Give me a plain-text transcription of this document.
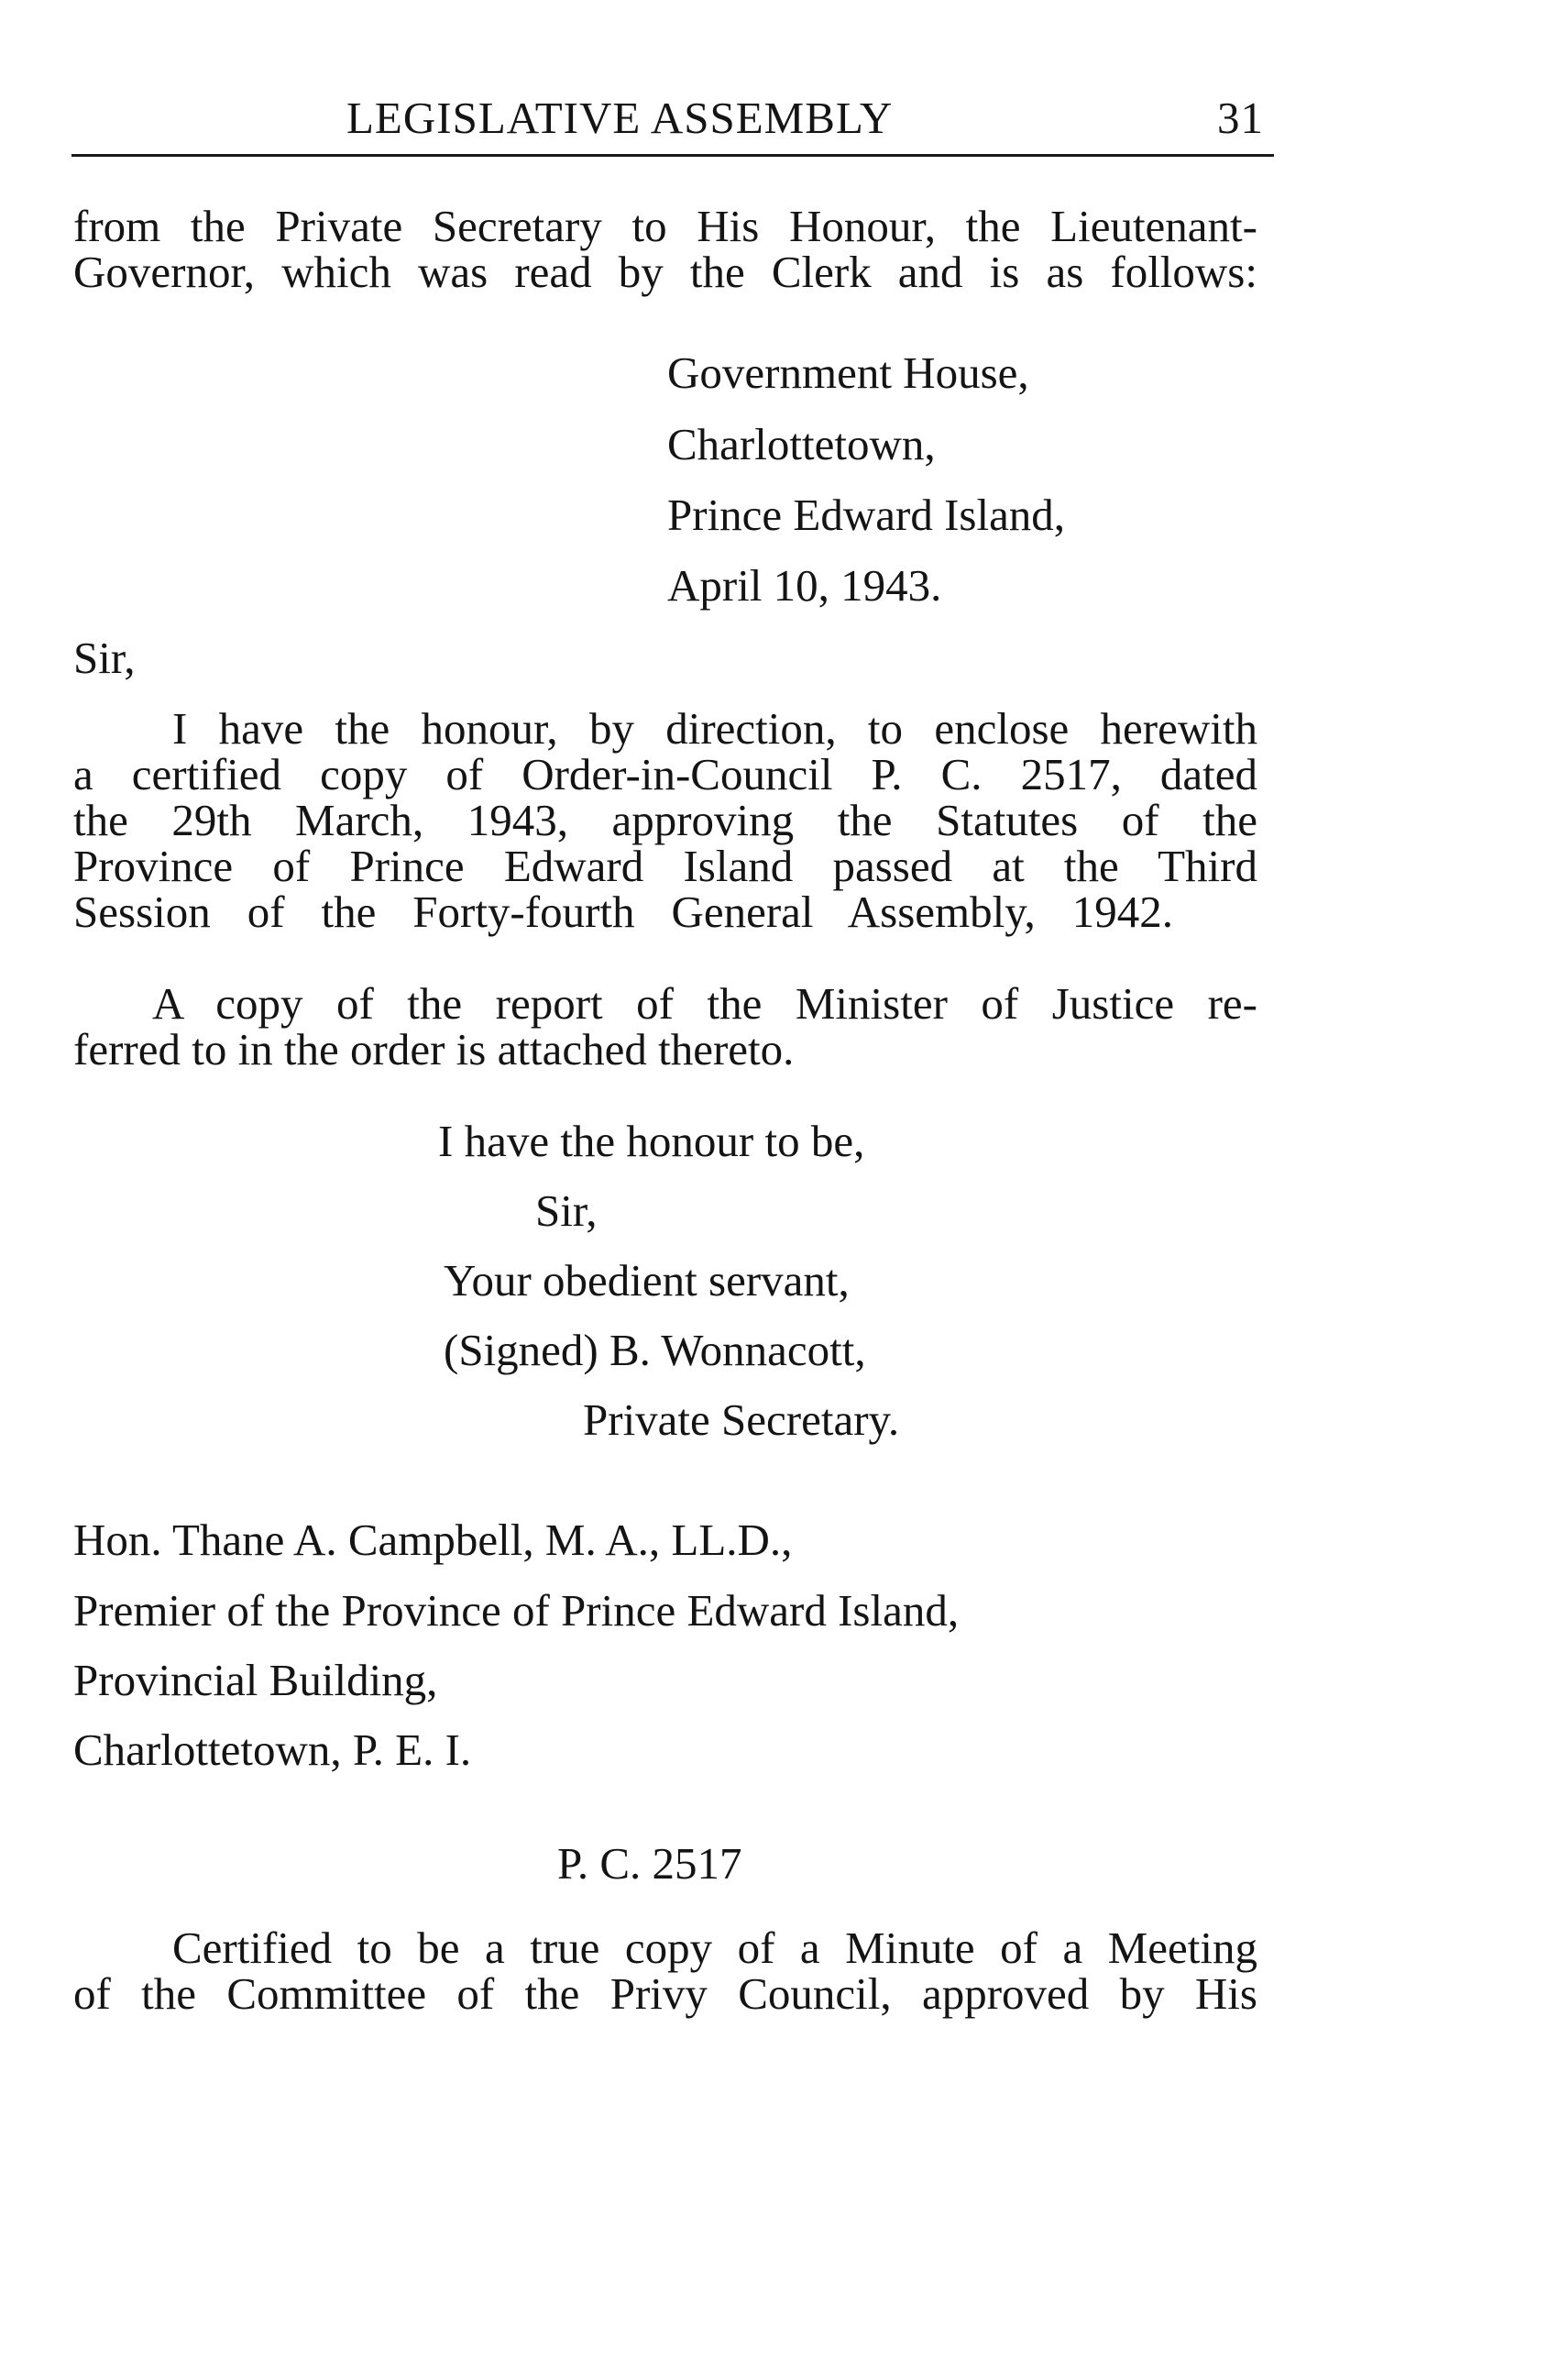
LEGISLATIVE ASSEMBLY	31
from the Private Secretary to His Honour, the Lieutenant-
Governor, which was read by the Clerk and is as follows:
Government House,
Charlottetown,
Prince Edward Island,
April 10, 1943.
Sir,
I have the honour, by direction, to enclose herewith
a certified copy of Order-in-Council P. C. 2517, dated
the 29th March, 1943, approving the Statutes of the
Province of Prince Edward Island passed at the Third
Session of the Forty-fourth General Assembly, 1942.
A copy of the report of the Minister of Justice re-
ferred to in the order is attached thereto.
I have the honour to be,
Sir,
Your obedient servant,
(Signed) B. Wonnacott,
Private Secretary.
Hon. Thane A. Campbell, M. A., LL.D.,
Premier of the Province of Prince Edward Island,
Provincial Building,
Charlottetown, P. E. I.
P. C. 2517
Certified to be a true copy of a Minute of a Meeting
of the Committee of the Privy Council, approved by His
